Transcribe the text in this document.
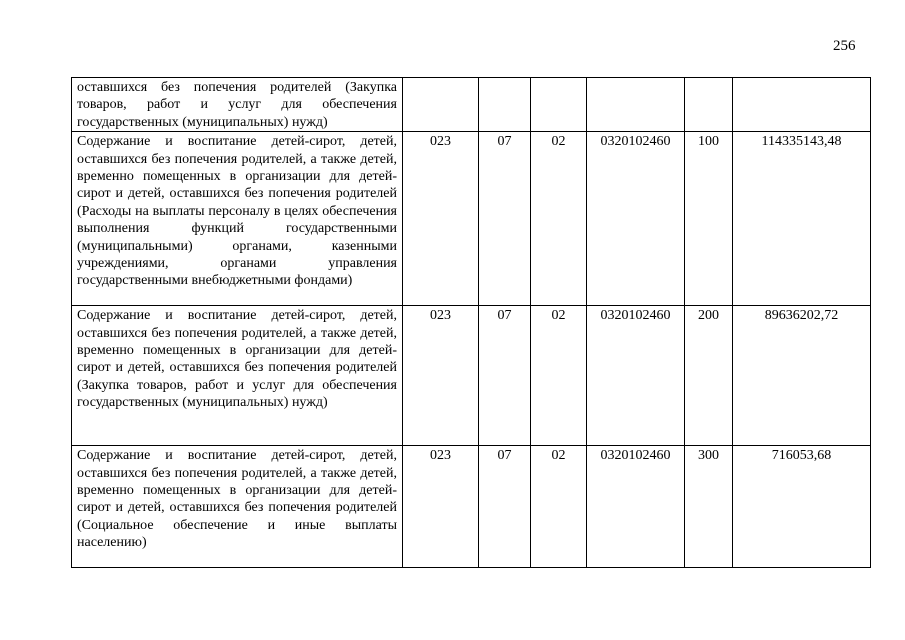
256
оставшихся без попечения родителей (Закупка товаров, работ и услуг для обеспечения государственных (муниципальных) нужд)						
Содержание и воспитание детей-сирот, детей, оставшихся без попечения родителей, а также детей, временно помещенных в организации для детей-сирот и детей, оставшихся без попечения родителей (Расходы на выплаты персоналу в целях обеспечения выполнения функций государственными (муниципальными) органами, казенными учреждениями, органами управления государственными внебюджетными фондами)	023	07	02	0320102460	100	114335143,48
Содержание и воспитание детей-сирот, детей, оставшихся без попечения родителей, а также детей, временно помещенных в организации для детей-сирот и детей, оставшихся без попечения родителей (Закупка товаров, работ и услуг для обеспечения государственных (муниципальных) нужд)	023	07	02	0320102460	200	89636202,72
Содержание и воспитание детей-сирот, детей, оставшихся без попечения родителей, а также детей, временно помещенных в организации для детей-сирот и детей, оставшихся без попечения родителей (Социальное обеспечение и иные выплаты населению)	023	07	02	0320102460	300	716053,68
